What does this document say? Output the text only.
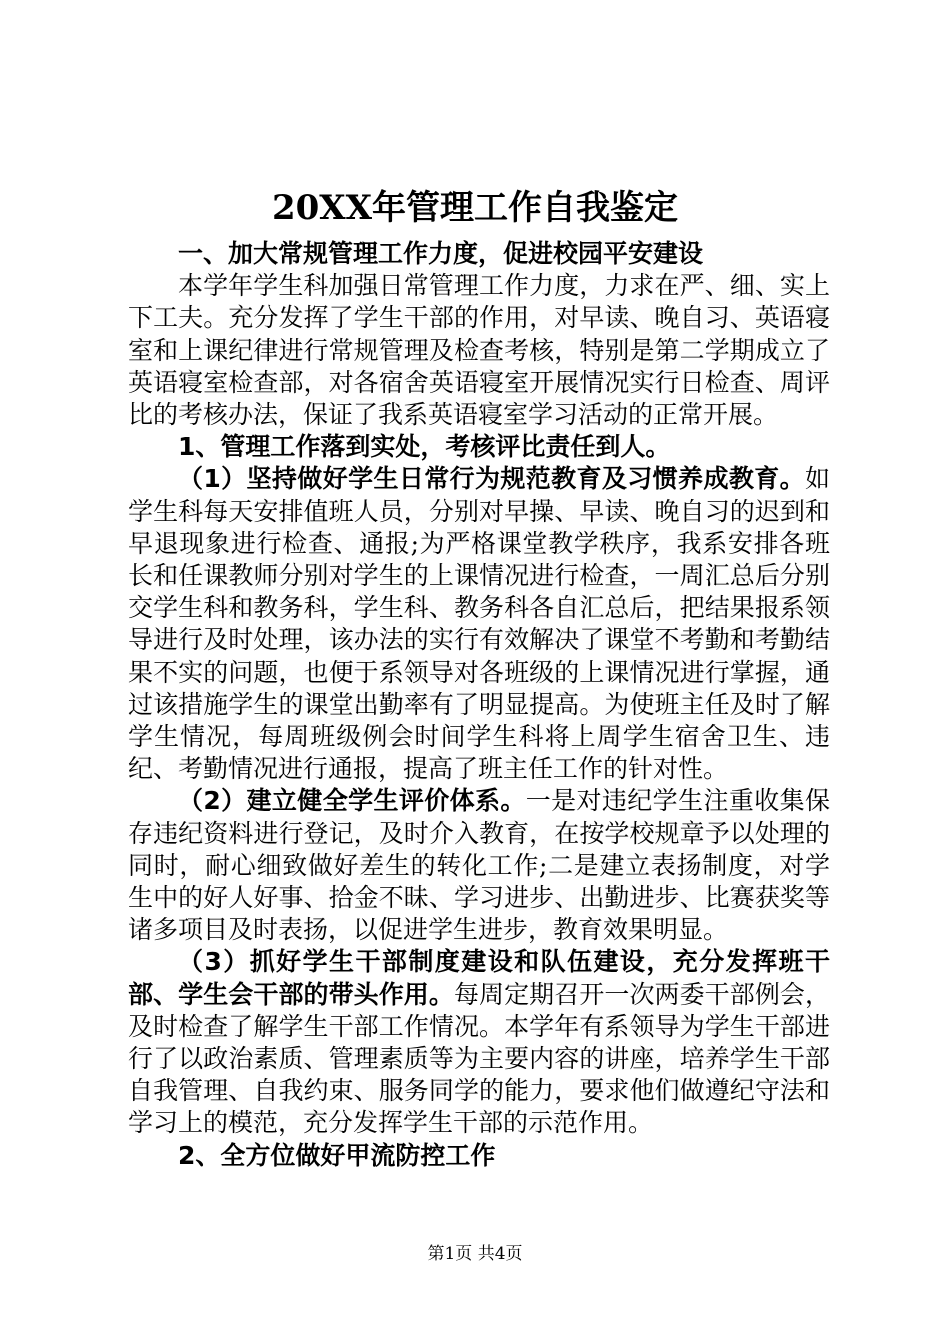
20XX年管理工作自我鉴定

一、加大常规管理工作力度，促进校园平安建设

本学年学生科加强日常管理工作力度，力求在严、细、实上下工夫。充分发挥了学生干部的作用，对早读、晚自习、英语寝室和上课纪律进行常规管理及检查考核，特别是第二学期成立了英语寝室检查部，对各宿舍英语寝室开展情况实行日检查、周评比的考核办法，保证了我系英语寝室学习活动的正常开展。

1、管理工作落到实处，考核评比责任到人。

（1）坚持做好学生日常行为规范教育及习惯养成教育。如学生科每天安排值班人员，分别对早操、早读、晚自习的迟到和早退现象进行检查、通报;为严格课堂教学秩序，我系安排各班长和任课教师分别对学生的上课情况进行检查，一周汇总后分别交学生科和教务科，学生科、教务科各自汇总后，把结果报系领导进行及时处理，该办法的实行有效解决了课堂不考勤和考勤结果不实的问题，也便于系领导对各班级的上课情况进行掌握，通过该措施学生的课堂出勤率有了明显提高。为使班主任及时了解学生情况，每周班级例会时间学生科将上周学生宿舍卫生、违纪、考勤情况进行通报，提高了班主任工作的针对性。

（2）建立健全学生评价体系。一是对违纪学生注重收集保存违纪资料进行登记，及时介入教育，在按学校规章予以处理的同时，耐心细致做好差生的转化工作;二是建立表扬制度，对学生中的好人好事、拾金不昧、学习进步、出勤进步、比赛获奖等诸多项目及时表扬，以促进学生进步，教育效果明显。

（3）抓好学生干部制度建设和队伍建设，充分发挥班干部、学生会干部的带头作用。每周定期召开一次两委干部例会，及时检查了解学生干部工作情况。本学年有系领导为学生干部进行了以政治素质、管理素质等为主要内容的讲座，培养学生干部自我管理、自我约束、服务同学的能力，要求他们做遵纪守法和学习上的模范，充分发挥学生干部的示范作用。

2、全方位做好甲流防控工作

第1页 共4页
